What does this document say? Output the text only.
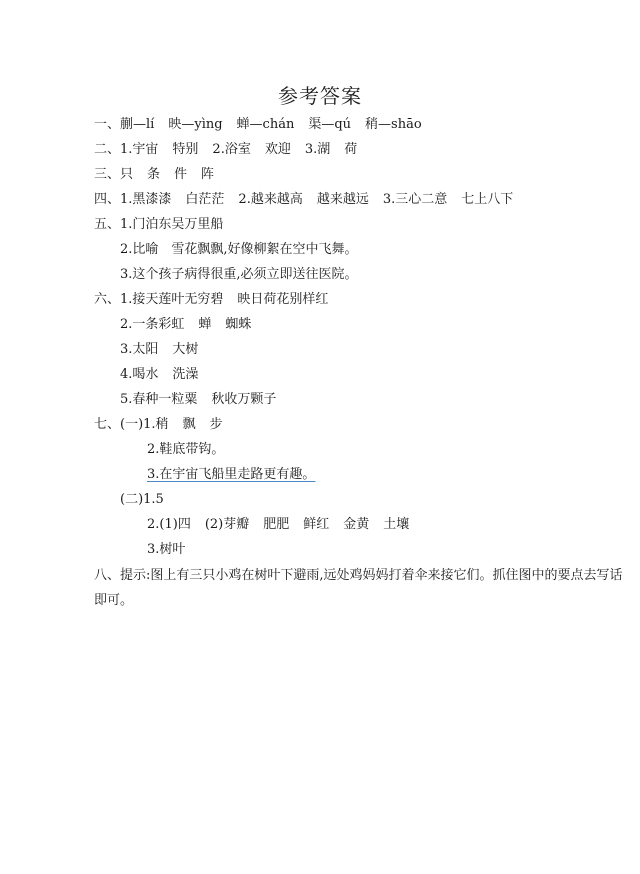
参考答案
一、蒯—lí 映—yìng 蝉—chán 渠—qú 稍—shāo
二、1.宇宙 特别 2.浴室 欢迎 3.湖 荷
三、只 条 件 阵
四、1.黑漆漆 白茫茫 2.越来越高 越来越远 3.三心二意 七上八下
五、1.门泊东吴万里船
2.比喻　雪花飘飘,好像柳絮在空中飞舞。
3.这个孩子病得很重,必须立即送往医院。
六、1.接天莲叶无穷碧 映日荷花别样红
2.一条彩虹 蝉 蜘蛛
3.太阳 大树
4.喝水 洗澡
5.春种一粒粟 秋收万颗子
七、(一)1.稍 飘 步
2.鞋底带钩。
3.在宇宙飞船里走路更有趣。
(二)1.5
2.(1)四 (2)芽瓣 肥肥 鲜红 金黄 土壤
3.树叶
八、提示:图上有三只小鸡在树叶下避雨,远处鸡妈妈打着伞来接它们。抓住图中的要点去写话即可。
